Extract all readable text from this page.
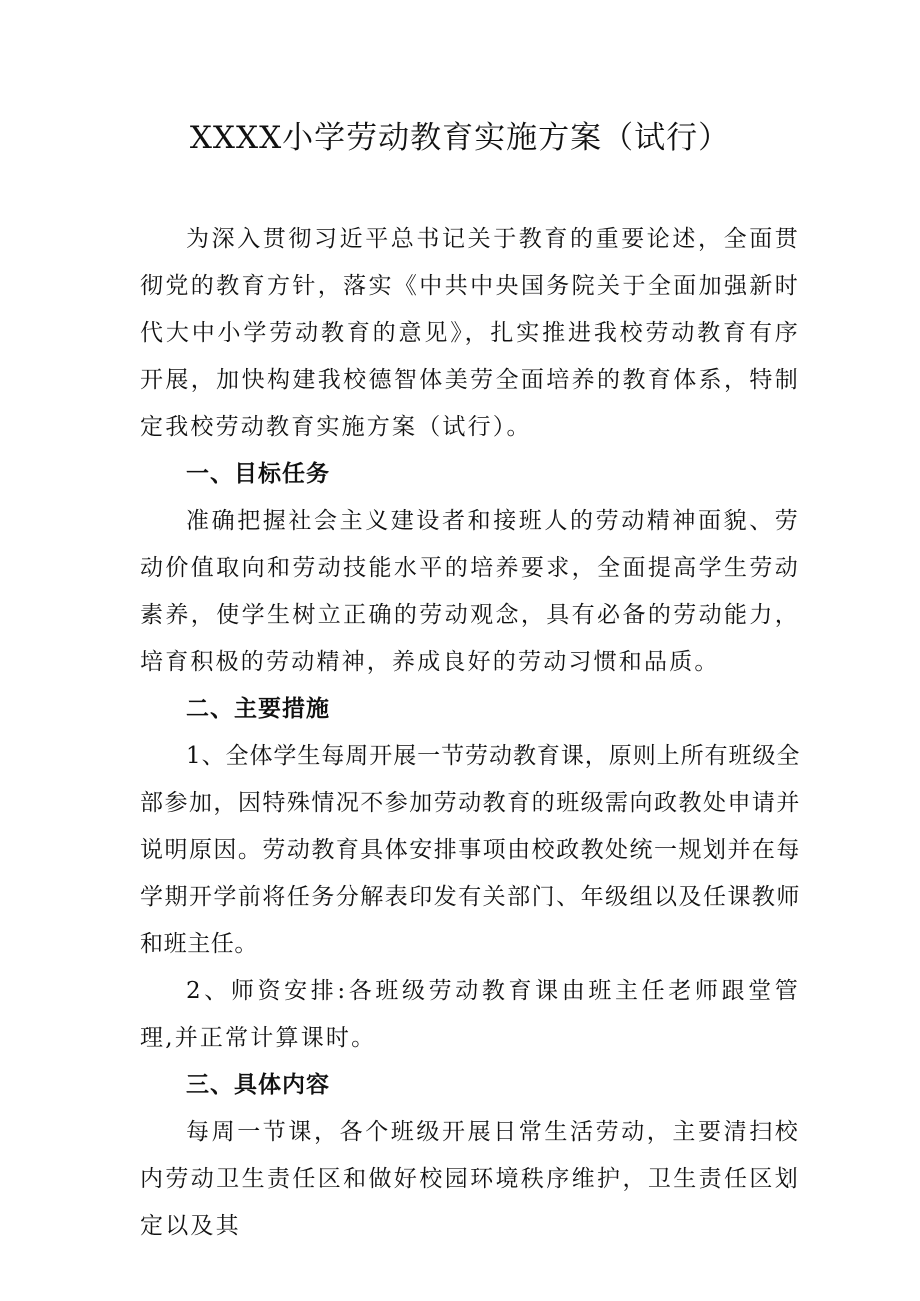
XXXX小学劳动教育实施方案（试行）

为深入贯彻习近平总书记关于教育的重要论述，全面贯彻党的教育方针，落实《中共中央国务院关于全面加强新时代大中小学劳动教育的意见》，扎实推进我校劳动教育有序开展，加快构建我校德智体美劳全面培养的教育体系，特制定我校劳动教育实施方案（试行）。

一、目标任务

准确把握社会主义建设者和接班人的劳动精神面貌、劳动价值取向和劳动技能水平的培养要求，全面提高学生劳动素养，使学生树立正确的劳动观念，具有必备的劳动能力，培育积极的劳动精神，养成良好的劳动习惯和品质。

二、主要措施

1、全体学生每周开展一节劳动教育课，原则上所有班级全部参加，因特殊情况不参加劳动教育的班级需向政教处申请并说明原因。劳动教育具体安排事项由校政教处统一规划并在每学期开学前将任务分解表印发有关部门、年级组以及任课教师和班主任。

2、师资安排:各班级劳动教育课由班主任老师跟堂管理,并正常计算课时。

三、具体内容

每周一节课，各个班级开展日常生活劳动，主要清扫校内劳动卫生责任区和做好校园环境秩序维护，卫生责任区划定以及其
